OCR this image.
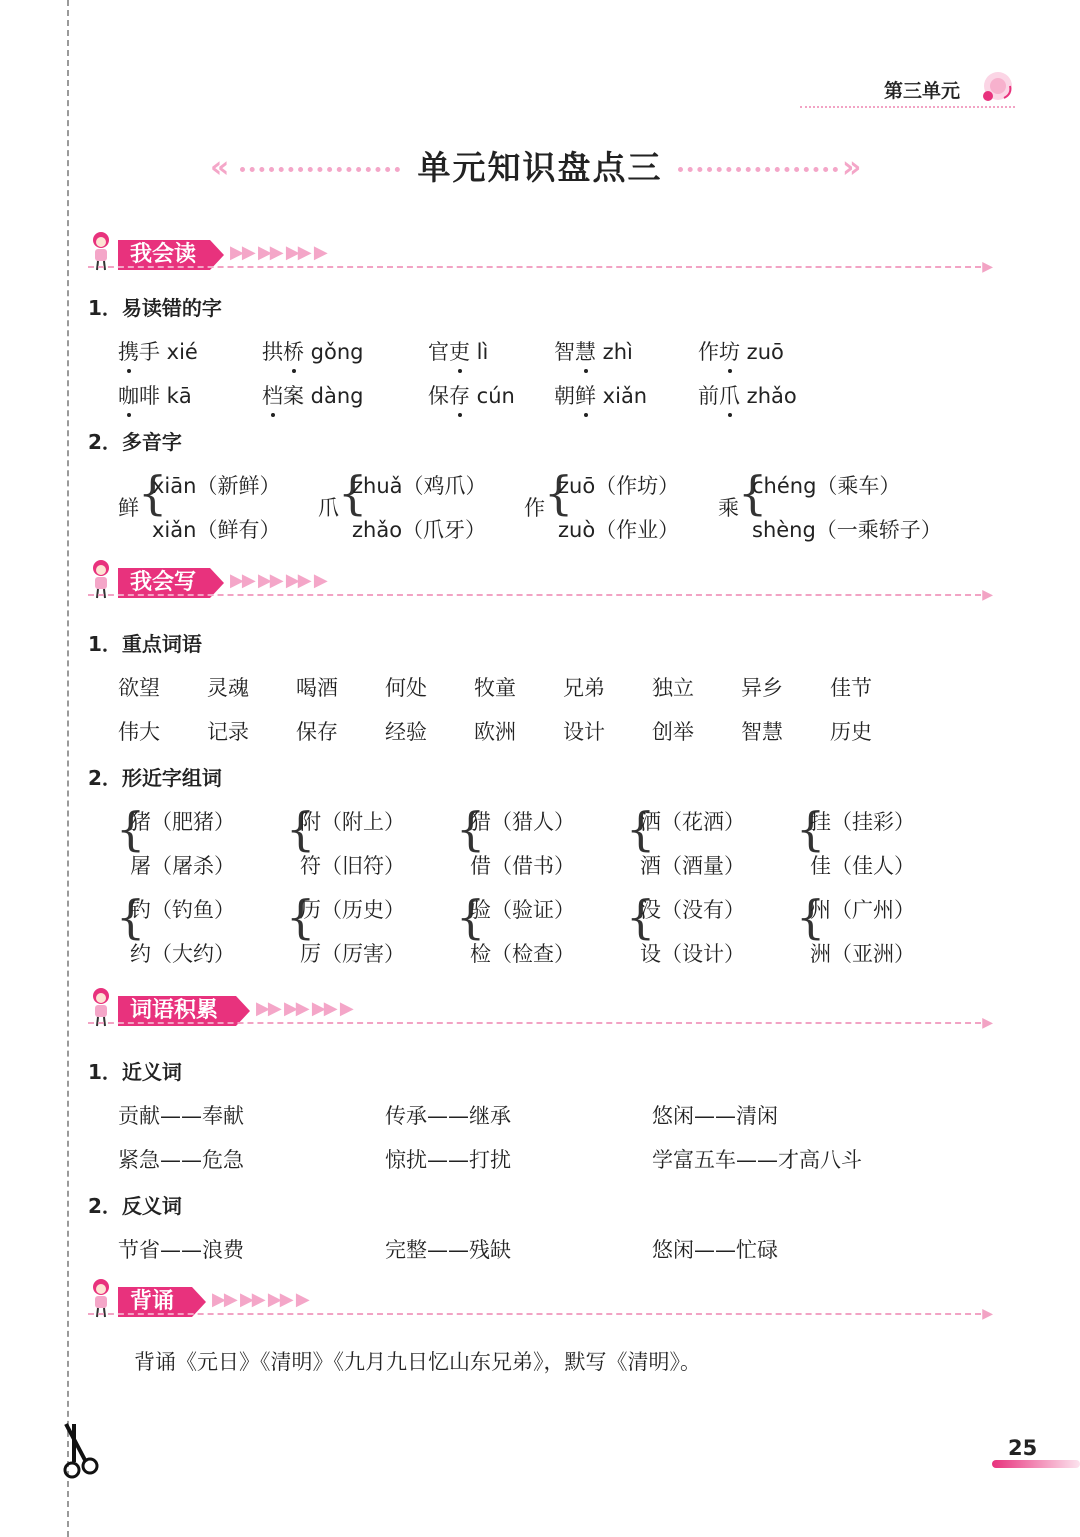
第三单元
«	单元知识盘点三	»
我会读	▶▶ ▶▶ ▶▶ ▶
▶
1．易读错的字
携手 xié	拱桥 gǒng	官吏 lì	智慧 zhì	作坊 zuō
咖啡 kā	档案 dàng	保存 cún 朝鲜 xiǎn 前爪 zhǎo
2．多音字
鲜 {
xiān（新鲜）
xiǎn（鲜有）
爪 {
zhuǎ（鸡爪）
zhǎo（爪牙）
作 {
zuō（作坊）
zuò（作业）
乘 {
chéng（乘车）
shèng（一乘轿子）
我会写	▶▶ ▶▶ ▶▶ ▶
▶
1．重点词语
欲望 灵魂 喝酒 何处 牧童 兄弟 独立 异乡 佳节
伟大 记录 保存 经验 欧洲 设计 创举 智慧 历史
2．形近字组词
{
猪（肥猪）
屠（屠杀）
{
附（附上）
符（旧符）
{
猎（猎人）
借（借书）
{
洒（花洒）
酒（酒量）
{
挂（挂彩）
佳（佳人）
{
钓（钓鱼）
约（大约）
{
历（历史）
厉（厉害）
{
验（验证）
检（检查）
{
没（没有）
设（设计）
{
州（广州）
洲（亚洲）
词语积累	▶▶ ▶▶ ▶▶ ▶
▶
1．近义词
贡献——奉献	传承——继承	悠闲——清闲
紧急——危急	惊扰——打扰	学富五车——才高八斗
2．反义词
节省——浪费	完整——残缺	悠闲——忙碌
背诵	▶▶ ▶▶ ▶▶ ▶
▶
背诵《元日》《清明》《九月九日忆山东兄弟》，默写《清明》。
25
